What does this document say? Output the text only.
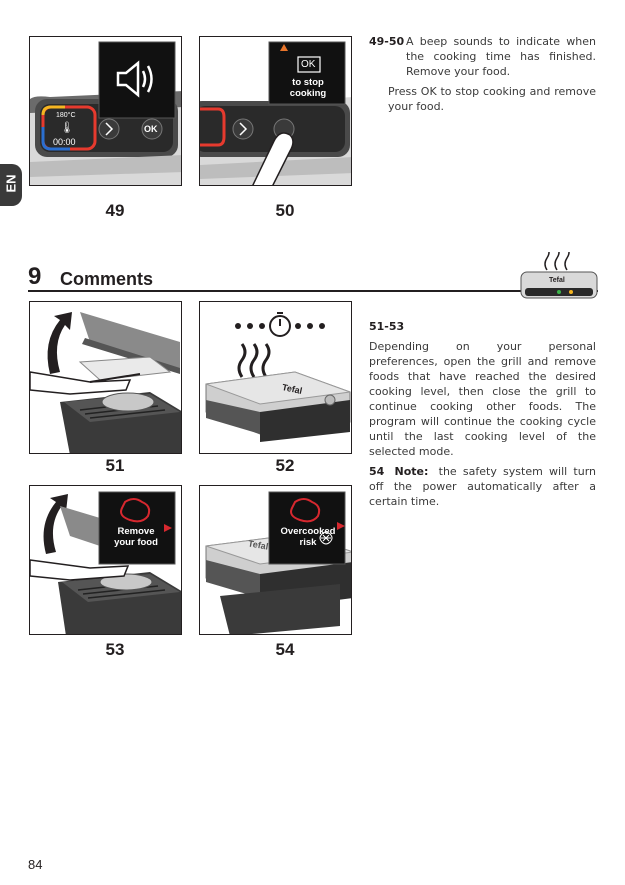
EN
180°C
🌡
00:00
OK
49
OK
to stop cooking
50
49-50 A beep sounds to indicate when the cooking time has finished. Remove your food.
Press OK to stop cooking and remove your food.
9 Comments	Tefal
51
Tefal
52
51-53
Depending on your personal preferences, open the grill and remove foods that have reached the desired cooking level, then close the grill to continue cooking other foods. The program will continue the cooking cycle until the last cooking level of the selected mode.
54 Note: the safety system will turn off the power automatically after a certain time.
Remove your food
53
Overcooked risk
Tefal
54
84
